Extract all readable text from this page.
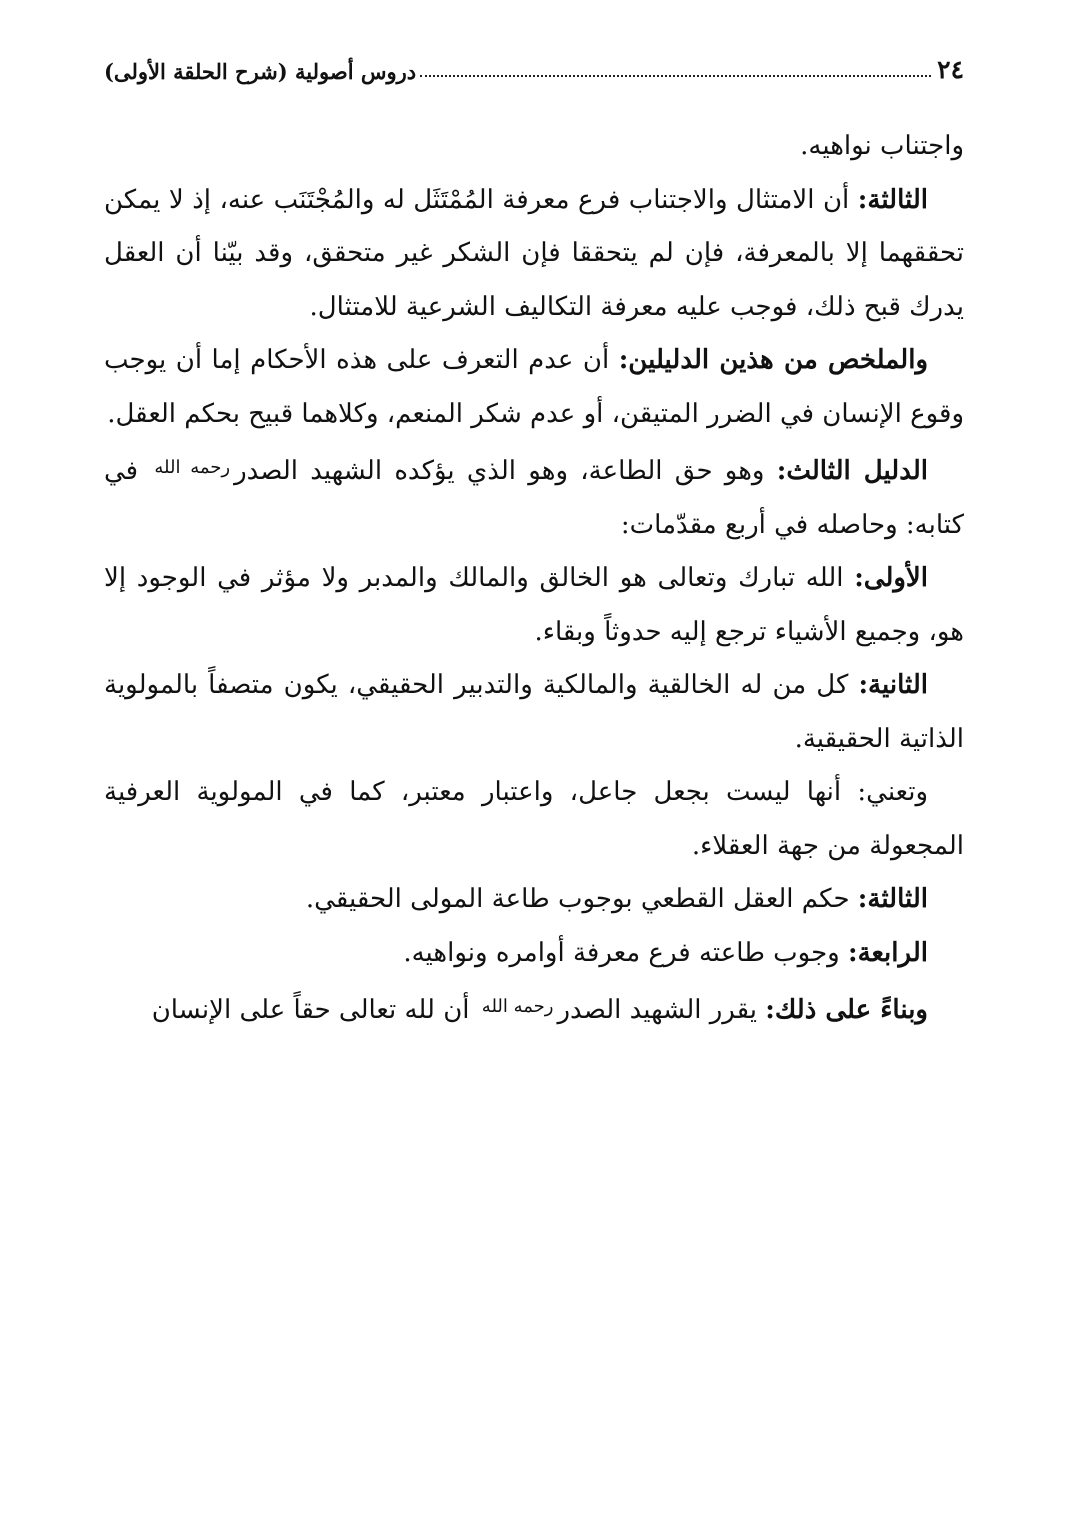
٢٤
دروس أصولية (شرح الحلقة الأولى)

واجتناب نواهيه.

الثالثة: أن الامتثال والاجتناب فرع معرفة المُمْتَثَل له والمُجْتَنَب عنه، إذ لا يمكن تحققهما إلا بالمعرفة، فإن لم يتحققا فإن الشكر غير متحقق، وقد بيّنا أن العقل يدرك قبح ذلك، فوجب عليه معرفة التكاليف الشرعية للامتثال.

والملخص من هذين الدليلين: أن عدم التعرف على هذه الأحكام إما أن يوجب وقوع الإنسان في الضرر المتيقن، أو عدم شكر المنعم، وكلاهما قبيح بحكم العقل.

الدليل الثالث: وهو حق الطاعة، وهو الذي يؤكده الشهيد الصدر$^{رحمه الله}$ في كتابه: وحاصله في أربع مقدّمات:

الأولى: الله تبارك وتعالى هو الخالق والمالك والمدبر ولا مؤثر في الوجود إلا هو، وجميع الأشياء ترجع إليه حدوثاً وبقاء.

الثانية: كل من له الخالقية والمالكية والتدبير الحقيقي، يكون متصفاً بالمولوية الذاتية الحقيقية.

وتعني: أنها ليست بجعل جاعل، واعتبار معتبر، كما في المولوية العرفية المجعولة من جهة العقلاء.

الثالثة: حكم العقل القطعي بوجوب طاعة المولى الحقيقي.

الرابعة: وجوب طاعته فرع معرفة أوامره ونواهيه.

وبناءً على ذلك: يقرر الشهيد الصدر$^{رحمه الله}$ أن لله تعالى حقاً على الإنسان
